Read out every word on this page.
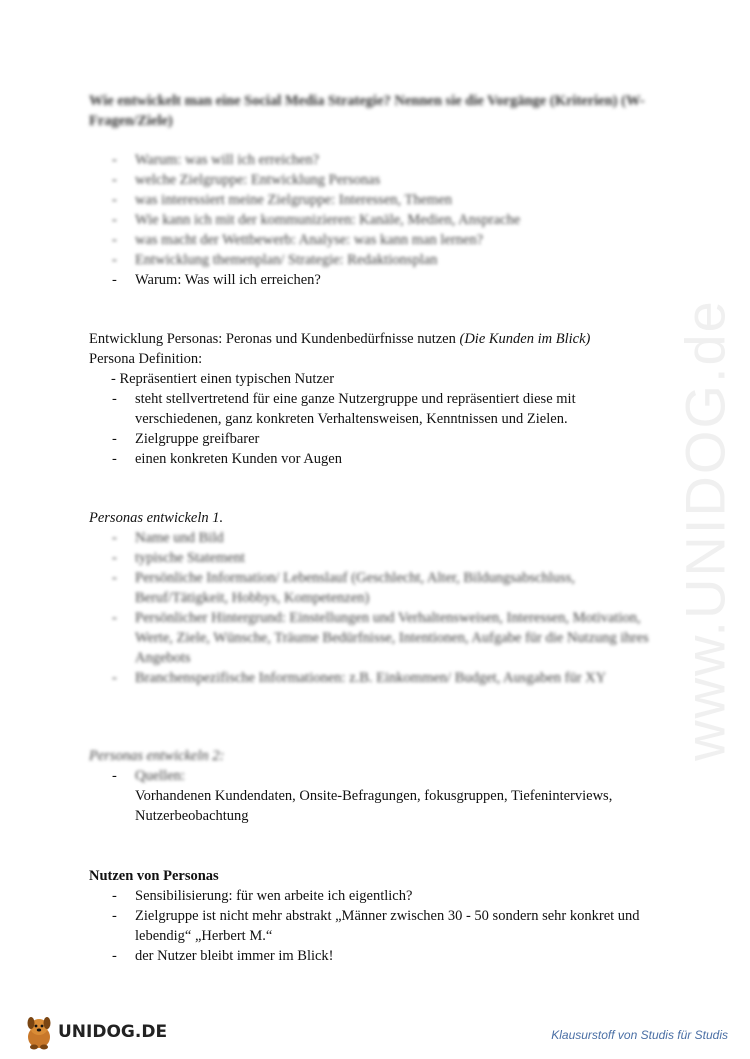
www.UNIDOG.de
Wie entwickelt man eine Social Media Strategie? Nennen sie die Vorgänge (Kriterien) (W-Fragen/Ziele)
- Warum: was will ich erreichen?
- welche Zielgruppe: Entwicklung Personas
- was interessiert meine Zielgruppe: Interessen, Themen
- Wie kann ich mit der kommunizieren: Kanäle, Medien, Ansprache
- was macht der Wettbewerb: Analyse: was kann man lernen?
- Entwicklung themenplan/ Strategie: Redaktionsplan
- Warum: Was will ich erreichen?
Entwicklung Personas: Peronas und Kundenbedürfnisse nutzen (Die Kunden im Blick)
Persona Definition:
- Repräsentiert einen typischen Nutzer
- steht stellvertretend für eine ganze Nutzergruppe und repräsentiert diese mit verschiedenen, ganz konkreten Verhaltensweisen, Kenntnissen und Zielen.
- Zielgruppe greifbarer
- einen konkreten Kunden vor Augen
Personas entwickeln 1.
- Name und Bild
- typische Statement
- Persönliche Information/ Lebenslauf (Geschlecht, Alter, Bildungsabschluss, Beruf/Tätigkeit, Hobbys, Kompetenzen)
- Persönlicher Hintergrund: Einstellungen und Verhaltensweisen, Interessen, Motivation, Werte, Ziele, Wünsche, Träume Bedürfnisse, Intentionen, Aufgabe für die Nutzung ihres Angebots
- Branchenspezifische Informationen: z.B. Einkommen/ Budget, Ausgaben für XY
Personas entwickeln 2:
- Quellen:
Vorhandenen Kundendaten, Onsite-Befragungen, fokusgruppen, Tiefeninterviews, Nutzerbeobachtung
Nutzen von Personas
- Sensibilisierung: für wen arbeite ich eigentlich?
- Zielgruppe ist nicht mehr abstrakt „Männer zwischen 30 - 50 sondern sehr konkret und lebendig“ „Herbert M.“
- der Nutzer bleibt immer im Blick!
UNIDOG.DE	Klausurstoff von Studis für Studis
